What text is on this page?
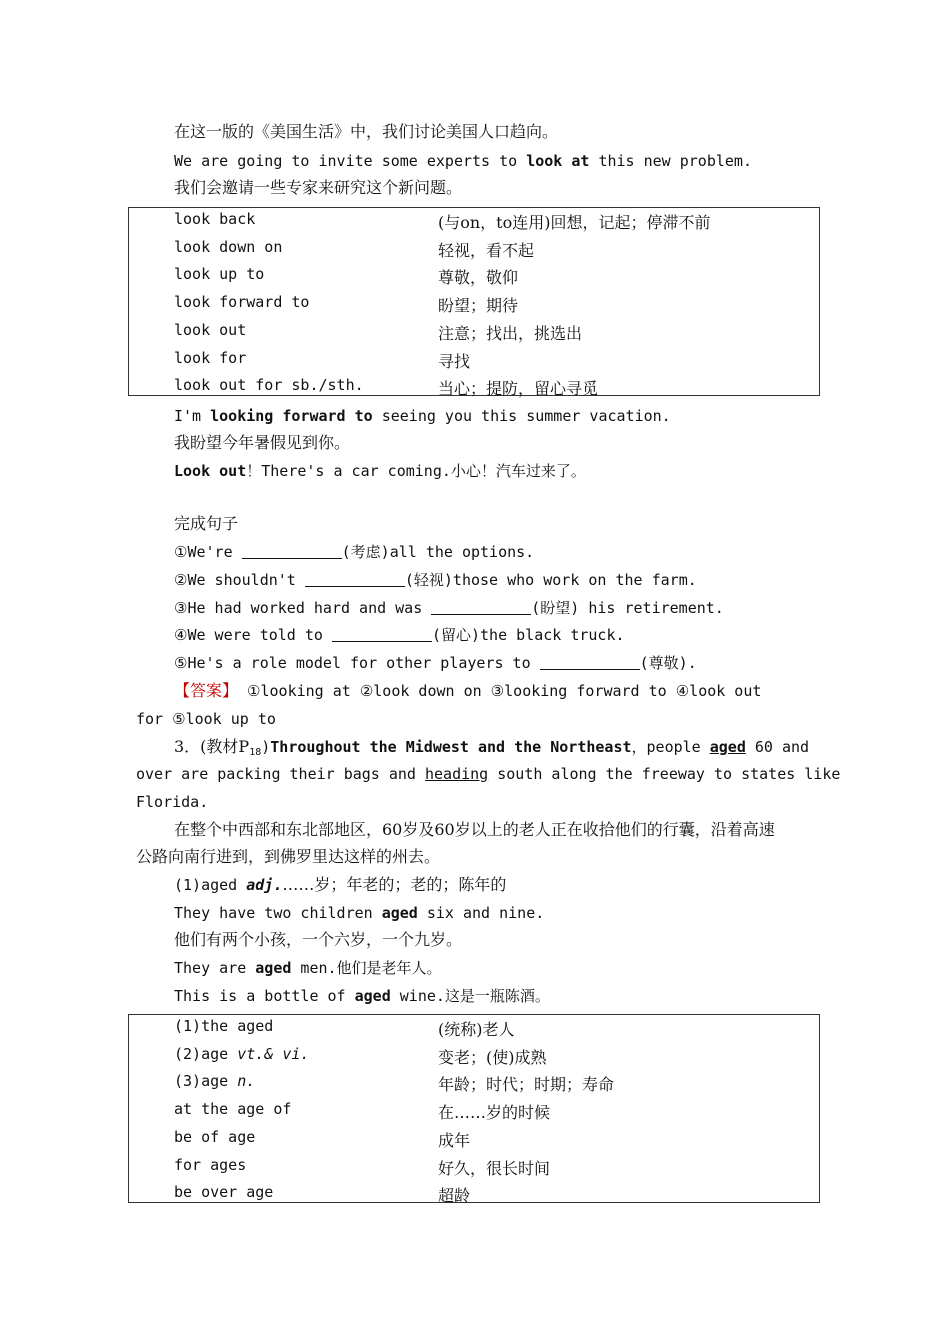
在这一版的《美国生活》中，我们讨论美国人口趋向。
We are going to invite some experts to look at this new problem.
我们会邀请一些专家来研究这个新问题。
look back	(与on，to连用)回想，记起；停滞不前
look down on	轻视，看不起
look up to	尊敬，敬仰
look forward to	盼望；期待
look out	注意；找出，挑选出
look for	寻找
look out for sb./sth.	当心；提防，留心寻觅
I'm looking forward to seeing you this summer vacation.
我盼望今年暑假见到你。
Look out！There's a car coming.小心！汽车过来了。
完成句子
①We're	(考虑)all the options.
②We shouldn't	(轻视)those who work on the farm.
③He had worked hard and was	(盼望) his retirement.
④We were told to	(留心)the black truck.
⑤He's a role model for other players to	(尊敬).
【答案】 ①looking at ②look down on ③looking forward to ④look out
for ⑤look up to
3．(教材$P_{18})Throughout$ the Midwest and the Northeast，people aged 60 and
over are packing their bags and heading south along the freeway to states like
Florida.
在整个中西部和东北部地区，60岁及60岁以上的老人正在收拾他们的行囊，沿着高速
公路向南行进到，到佛罗里达这样的州去。
(1)aged adj.……岁；年老的；老的；陈年的
They have two children aged six and nine.
他们有两个小孩，一个六岁，一个九岁。
They are aged men.他们是老年人。
This is a bottle of aged wine.这是一瓶陈酒。
(1)the aged	(统称)老人
(2)age vt.& vi.	变老；(使)成熟
(3)age n.	年龄；时代；时期；寿命
at the age of	在……岁的时候
be of age	成年
for ages	好久，很长时间
be over age	超龄
